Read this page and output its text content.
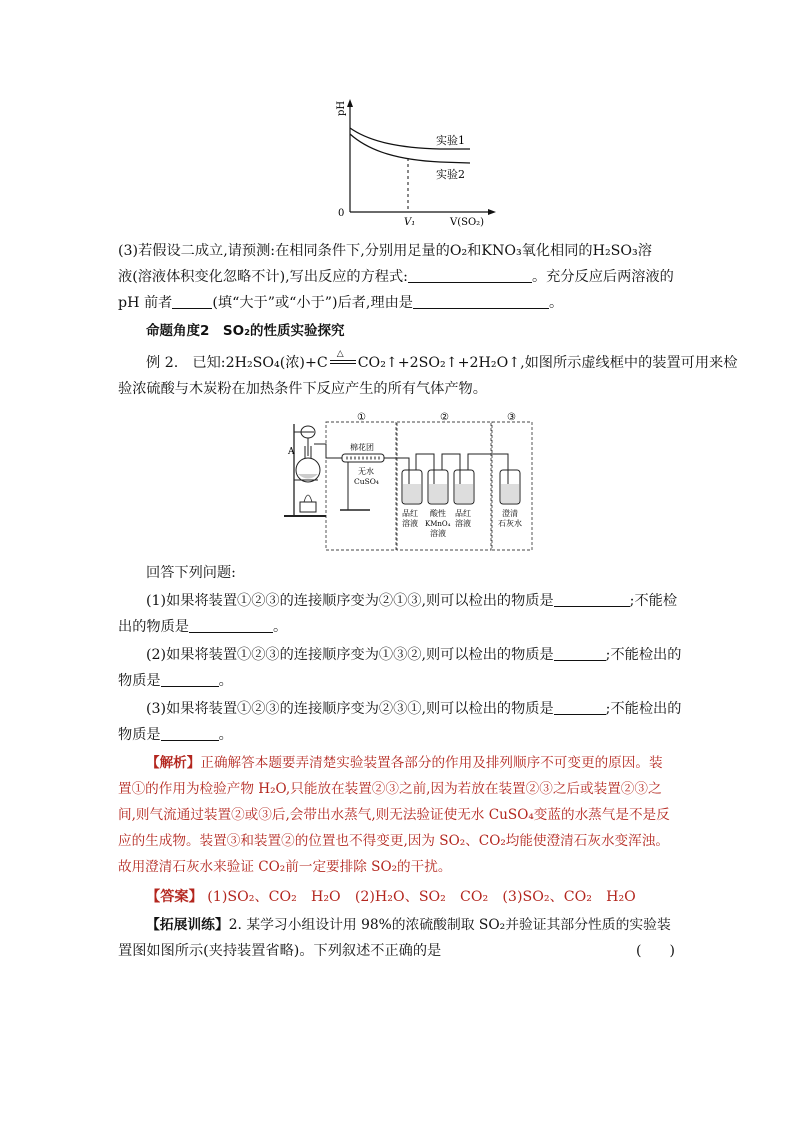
pH
0
V₁	V(SO₂)
实验1
实验2
(3)若假设二成立,请预测:在相同条件下,分别用足量的O₂和KNO₃氧化相同的H₂SO₃溶
液(溶液体积变化忽略不计),写出反应的方程式:	。充分反应后两溶液的
pH 前者	(填“大于”或“小于”)后者,理由是	。
命题角度2　SO₂的性质实验探究
例 2.　已知:2H₂SO₄(浓)+C
△
CO₂↑+2SO₂↑+2H₂O↑,如图所示虚线框中的装置可用来检
验浓硫酸与木炭粉在加热条件下反应产生的所有气体产物。
①	②	③
A	棉花团
无水
CuSO₄
品红
溶液
酸性
KMnO₄
溶液
品红
溶液
澄清
石灰水
回答下列问题:
(1)如果将装置①②③的连接顺序变为②①③,则可以检出的物质是	;不能检
出的物质是	。
(2)如果将装置①②③的连接顺序变为①③②,则可以检出的物质是	;不能检出的
物质是	。
(3)如果将装置①②③的连接顺序变为②③①,则可以检出的物质是	;不能检出的
物质是	。
【解析】正确解答本题要弄清楚实验装置各部分的作用及排列顺序不可变更的原因。装
置①的作用为检验产物 H₂O,只能放在装置②③之前,因为若放在装置②③之后或装置②③之
间,则气流通过装置②或③后,会带出水蒸气,则无法验证使无水 CuSO₄变蓝的水蒸气是不是反
应的生成物。装置③和装置②的位置也不得变更,因为 SO₂、CO₂均能使澄清石灰水变浑浊。
故用澄清石灰水来验证 CO₂前一定要排除 SO₂的干扰。
【答案】 (1)SO₂、CO₂　H₂O　(2)H₂O、SO₂　CO₂　(3)SO₂、CO₂　H₂O
【拓展训练】2. 某学习小组设计用 98%的浓硫酸制取 SO₂并验证其部分性质的实验装
置图如图所示(夹持装置省略)。下列叙述不正确的是	(　　)
